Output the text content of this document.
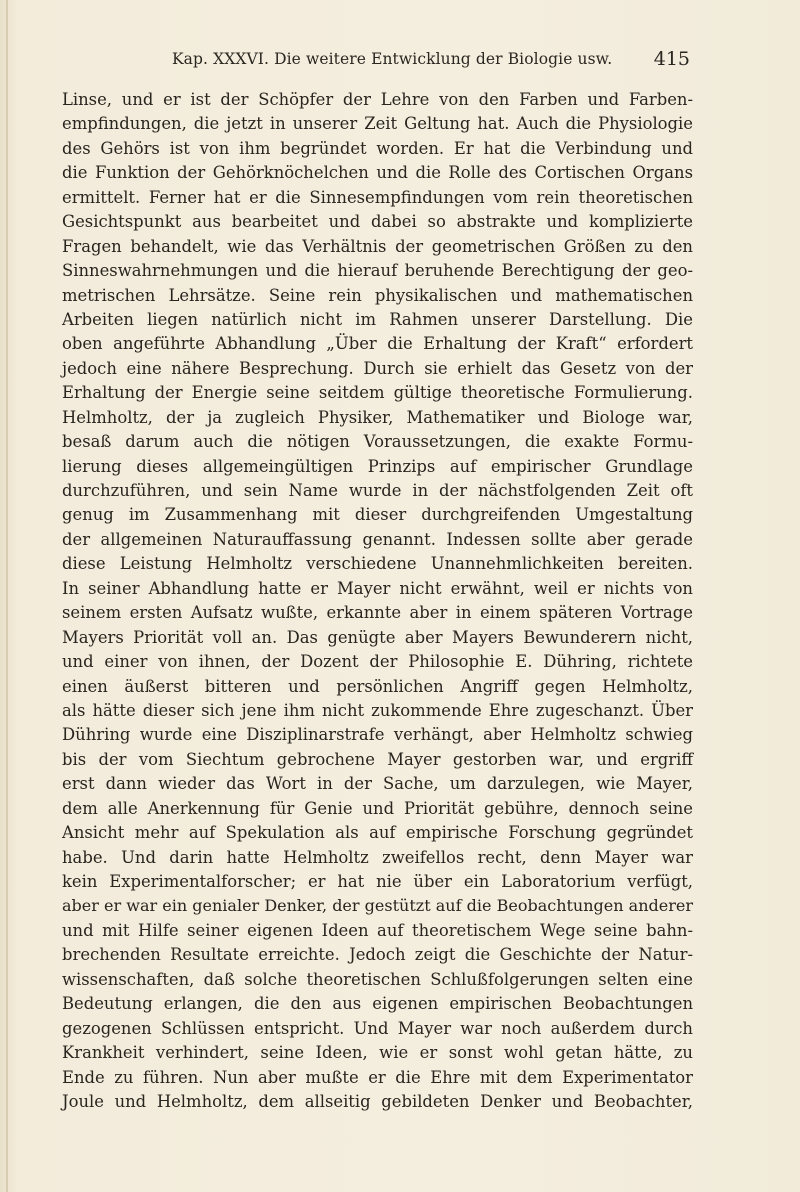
Kap. XXXVI. Die weitere Entwicklung der Biologie usw. 415
Linse, und er ist der Schöpfer der Lehre von den Farben und Farben-
empfindungen, die jetzt in unserer Zeit Geltung hat. Auch die Physiologie
des Gehörs ist von ihm begründet worden. Er hat die Verbindung und
die Funktion der Gehörknöchelchen und die Rolle des Cortischen Organs
ermittelt. Ferner hat er die Sinnesempfindungen vom rein theoretischen
Gesichtspunkt aus bearbeitet und dabei so abstrakte und komplizierte
Fragen behandelt, wie das Verhältnis der geometrischen Größen zu den
Sinneswahrnehmungen und die hierauf beruhende Berechtigung der geo-
metrischen Lehrsätze. Seine rein physikalischen und mathematischen
Arbeiten liegen natürlich nicht im Rahmen unserer Darstellung. Die
oben angeführte Abhandlung „Über die Erhaltung der Kraft“ erfordert
jedoch eine nähere Besprechung. Durch sie erhielt das Gesetz von der
Erhaltung der Energie seine seitdem gültige theoretische Formulierung.
Helmholtz, der ja zugleich Physiker, Mathematiker und Biologe war,
besaß darum auch die nötigen Voraussetzungen, die exakte Formu-
lierung dieses allgemeingültigen Prinzips auf empirischer Grundlage
durchzuführen, und sein Name wurde in der nächstfolgenden Zeit oft
genug im Zusammenhang mit dieser durchgreifenden Umgestaltung
der allgemeinen Naturauffassung genannt. Indessen sollte aber gerade
diese Leistung Helmholtz verschiedene Unannehmlichkeiten bereiten.
In seiner Abhandlung hatte er Mayer nicht erwähnt, weil er nichts von
seinem ersten Aufsatz wußte, erkannte aber in einem späteren Vortrage
Mayers Priorität voll an. Das genügte aber Mayers Bewunderern nicht,
und einer von ihnen, der Dozent der Philosophie E. Dühring, richtete
einen äußerst bitteren und persönlichen Angriff gegen Helmholtz,
als hätte dieser sich jene ihm nicht zukommende Ehre zugeschanzt. Über
Dühring wurde eine Disziplinarstrafe verhängt, aber Helmholtz schwieg
bis der vom Siechtum gebrochene Mayer gestorben war, und ergriff
erst dann wieder das Wort in der Sache, um darzulegen, wie Mayer,
dem alle Anerkennung für Genie und Priorität gebühre, dennoch seine
Ansicht mehr auf Spekulation als auf empirische Forschung gegründet
habe. Und darin hatte Helmholtz zweifellos recht, denn Mayer war
kein Experimentalforscher; er hat nie über ein Laboratorium verfügt,
aber er war ein genialer Denker, der gestützt auf die Beobachtungen anderer
und mit Hilfe seiner eigenen Ideen auf theoretischem Wege seine bahn-
brechenden Resultate erreichte. Jedoch zeigt die Geschichte der Natur-
wissenschaften, daß solche theoretischen Schlußfolgerungen selten eine
Bedeutung erlangen, die den aus eigenen empirischen Beobachtungen
gezogenen Schlüssen entspricht. Und Mayer war noch außerdem durch
Krankheit verhindert, seine Ideen, wie er sonst wohl getan hätte, zu
Ende zu führen. Nun aber mußte er die Ehre mit dem Experimentator
Joule und Helmholtz, dem allseitig gebildeten Denker und Beobachter,
